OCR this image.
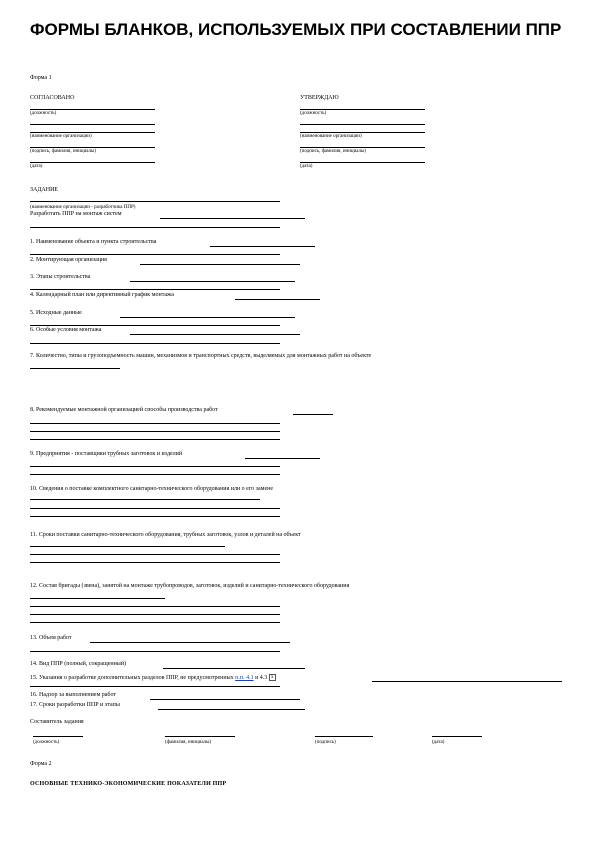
ФОРМЫ БЛАНКОВ, ИСПОЛЬЗУЕМЫХ ПРИ СОСТАВЛЕНИИ ППР
Форма 1
СОГЛАСОВАНО
(должность)
(наименование организации)
(подпись, фамилия, инициалы)
(дата)
УТВЕРЖДАЮ
(должность)
(наименование организации)
(подпись, фамилия, инициалы)
(дата)
ЗАДАНИЕ
(наименование организации - разработчика ППР)
Разработать ППР на монтаж систем
1. Наименование объекта и пункта строительства
2. Монтирующая организация
3. Этапы строительства
4. Календарный план или директивный график монтажа
5. Исходные данные
6. Особые условия монтажа
7. Количество, типы и грузоподъемность машин, механизмов и транспортных средств, выделяемых для монтажных работ на объекте
8. Рекомендуемые монтажной организацией способы производства работ
9. Предприятия - поставщики трубных заготовок и изделий
10. Сведения о поставке комплектного санитарно-технического оборудования или о его замене
11. Сроки поставки санитарно-технического оборудования, трубных заготовок, узлов и деталей на объект
12. Состав бригады (звена), занятой на монтаже трубопроводов, заготовок, изделий и санитарно-технического оборудования
13. Объем работ
14. Вид ППР (полный, сокращенный)
15. Указания о разработке дополнительных разделов ППР, не предусмотренных п.п. 4.1 и 4.3 x
16. Надзор за выполнением работ
17. Сроки разработки ППР и этапы
Составитель задания
(должность)	(фамилия, инициалы)	(подпись)	(дата)
Форма 2
ОСНОВНЫЕ ТЕХНИКО-ЭКОНОМИЧЕСКИЕ ПОКАЗАТЕЛИ ППР
